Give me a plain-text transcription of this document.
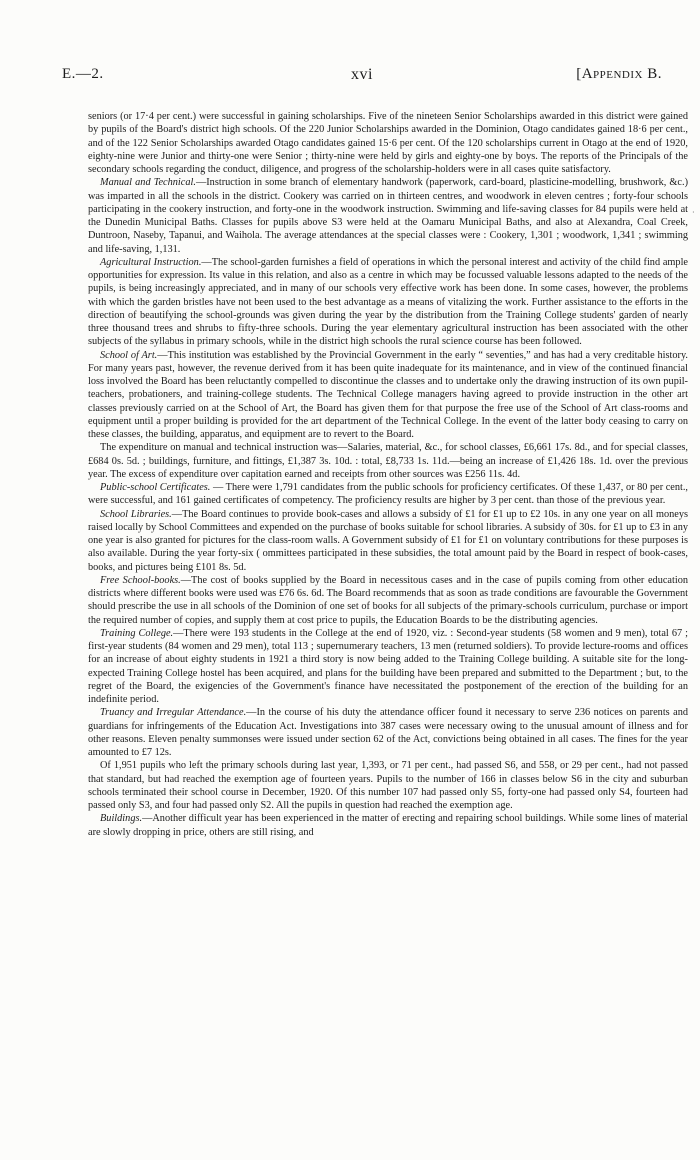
E.—2.	xvi	[Appendix B.
·

seniors (or 17·4 per cent.) were successful in gaining scholarships. Five of the nineteen Senior Scholarships awarded in this district were gained by pupils of the Board's district high schools. Of the 220 Junior Scholarships awarded in the Dominion, Otago candidates gained 18·6 per cent., and of the 122 Senior Scholarships awarded Otago candidates gained 15·6 per cent. Of the 120 scholarships current in Otago at the end of 1920, eighty-nine were Junior and thirty-one were Senior ; thirty-nine were held by girls and eighty-one by boys. The reports of the Principals of the secondary schools regarding the conduct, diligence, and progress of the scholarship-holders were in all cases quite satisfactory.

Manual and Technical.—Instruction in some branch of elementary handwork (paperwork, card-board, plasticine-modelling, brushwork, &c.) was imparted in all the schools in the district. Cookery was carried on in thirteen centres, and woodwork in eleven centres ; forty-four schools participating in the cookery instruction, and forty-one in the woodwork instruction. Swimming and life-saving classes for 84 pupils were held at the Dunedin Municipal Baths. Classes for pupils above S3 were held at the Oamaru Municipal Baths, and also at Alexandra, Coal Creek, Duntroon, Naseby, Tapanui, and Waihola. The average attendances at the special classes were : Cookery, 1,301 ; woodwork, 1,341 ; swimming and life-saving, 1,131.

Agricultural Instruction.—The school-garden furnishes a field of operations in which the personal interest and activity of the child find ample opportunities for expression. Its value in this relation, and also as a centre in which may be focussed valuable lessons adapted to the needs of the pupils, is being increasingly appreciated, and in many of our schools very effective work has been done. In some cases, however, the problems with which the garden bristles have not been used to the best advantage as a means of vitalizing the work. Further assistance to the efforts in the direction of beautifying the school-grounds was given during the year by the distribution from the Training College students' garden of nearly three thousand trees and shrubs to fifty-three schools. During the year elementary agricultural instruction has been associated with the other subjects of the syllabus in primary schools, while in the district high schools the rural science course has been followed.

School of Art.—This institution was established by the Provincial Government in the early “ seventies,” and has had a very creditable history. For many years past, however, the revenue derived from it has been quite inadequate for its maintenance, and in view of the continued financial loss involved the Board has been reluctantly compelled to discontinue the classes and to undertake only the drawing instruction of its own pupil-teachers, probationers, and training-college students. The Technical College managers having agreed to provide instruction in the other art classes previously carried on at the School of Art, the Board has given them for that purpose the free use of the School of Art class-rooms and equipment until a proper building is provided for the art department of the Technical College. In the event of the latter body ceasing to carry on these classes, the building, apparatus, and equipment are to revert to the Board.

The expenditure on manual and technical instruction was—Salaries, material, &c., for school classes, £6,661 17s. 8d., and for special classes, £684 0s. 5d. ; buildings, furniture, and fittings, £1,387 3s. 10d. : total, £8,733 1s. 11d.—being an increase of £1,426 18s. 1d. over the previous year. The excess of expenditure over capitation earned and receipts from other sources was £256 11s. 4d.

Public-school Certificates. — There were 1,791 candidates from the public schools for proficiency certificates. Of these 1,437, or 80 per cent., were successful, and 161 gained certificates of competency. The proficiency results are higher by 3 per cent. than those of the previous year.

School Libraries.—The Board continues to provide book-cases and allows a subsidy of £1 for £1 up to £2 10s. in any one year on all moneys raised locally by School Committees and expended on the purchase of books suitable for school libraries. A subsidy of 30s. for £1 up to £3 in any one year is also granted for pictures for the class-room walls. A Government subsidy of £1 for £1 on voluntary contributions for these purposes is also available. During the year forty-six ( ommittees participated in these subsidies, the total amount paid by the Board in respect of book-cases, books, and pictures being £101 8s. 5d.

Free School-books.—The cost of books supplied by the Board in necessitous cases and in the case of pupils coming from other education districts where different books were used was £76 6s. 6d. The Board recommends that as soon as trade conditions are favourable the Government should prescribe the use in all schools of the Dominion of one set of books for all subjects of the primary-schools curriculum, purchase or import the required number of copies, and supply them at cost price to pupils, the Education Boards to be the distributing agencies.

Training College.—There were 193 students in the College at the end of 1920, viz. : Second-year students (58 women and 9 men), total 67 ; first-year students (84 women and 29 men), total 113 ; supernumerary teachers, 13 men (returned soldiers). To provide lecture-rooms and offices for an increase of about eighty students in 1921 a third story is now being added to the Training College building. A suitable site for the long-expected Training College hostel has been acquired, and plans for the building have been prepared and submitted to the Department ; but, to the regret of the Board, the exigencies of the Government's finance have necessitated the postponement of the erection of the building for an indefinite period.

Truancy and Irregular Attendance.—In the course of his duty the attendance officer found it necessary to serve 236 notices on parents and guardians for infringements of the Education Act. Investigations into 387 cases were necessary owing to the unusual amount of illness and for other reasons. Eleven penalty summonses were issued under section 62 of the Act, convictions being obtained in all cases. The fines for the year amounted to £7 12s.

Of 1,951 pupils who left the primary schools during last year, 1,393, or 71 per cent., had passed S6, and 558, or 29 per cent., had not passed that standard, but had reached the exemption age of fourteen years. Pupils to the number of 166 in classes below S6 in the city and suburban schools terminated their school course in December, 1920. Of this number 107 had passed only S5, forty-one had passed only S4, fourteen had passed only S3, and four had passed only S2. All the pupils in question had reached the exemption age.

Buildings.—Another difficult year has been experienced in the matter of erecting and repairing school buildings. While some lines of material are slowly dropping in price, others are still rising, and
